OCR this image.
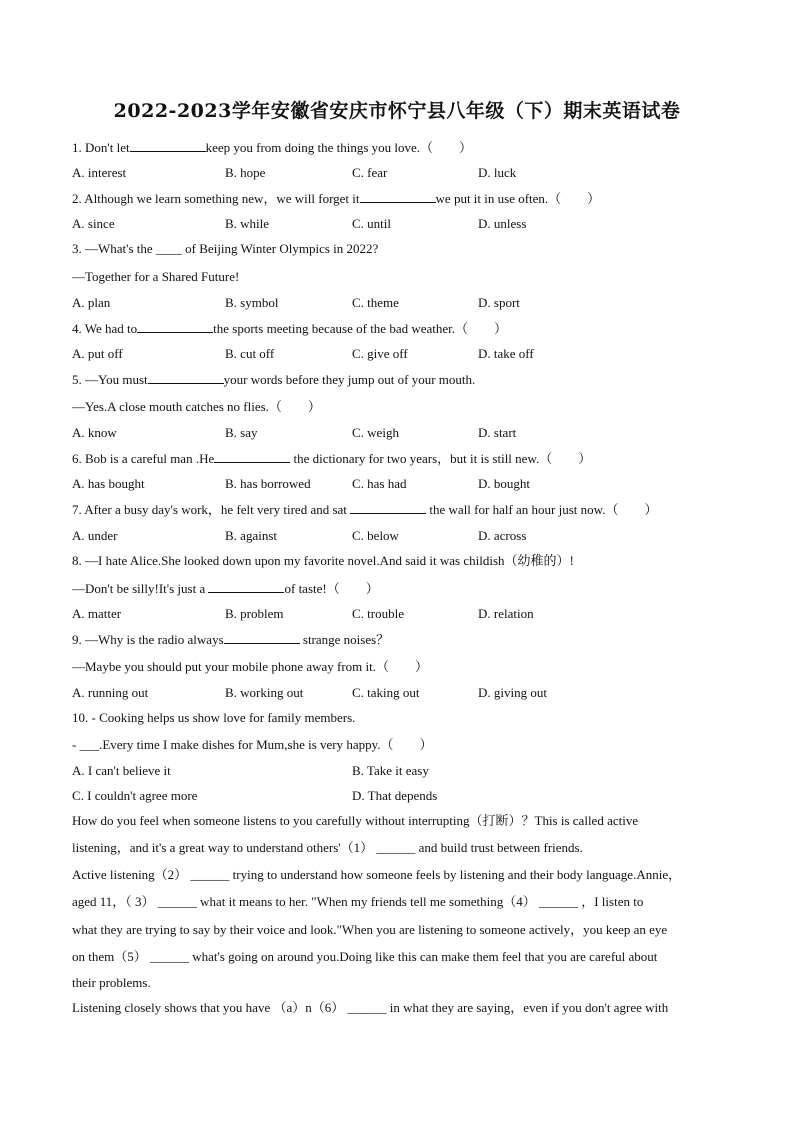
2022-2023学年安徽省安庆市怀宁县八年级（下）期末英语试卷
1. Don't let	keep you from doing the things you love.（　　）
A. interest	B. hope	C. fear	D. luck
2. Although we learn something new，we will forget it	we put it in use often.（　　）
A. since	B. while	C. until	D. unless
3. —What's the ____ of Beijing Winter Olympics in 2022?
—Together for a Shared Future!
A. plan	B. symbol	C. theme	D. sport
4. We had to	the sports meeting because of the bad weather.（　　）
A. put off	B. cut off	C. give off	D. take off
5. —You must	your words before they jump out of your mouth.
—Yes.A close mouth catches no flies.（　　）
A. know	B. say	C. weigh	D. start
6. Bob is a careful man .He	the dictionary for two years，but it is still new.（　　）
A. has bought	B. has borrowed	C. has had	D. bought
7. After a busy day's work，he felt very tired and sat	the wall for half an hour just now.（　　）
A. under	B. against	C. below	D. across
8. —I hate Alice.She looked down upon my favorite novel.And said it was childish（幼稚的）!
—Don't be silly!It's just a	of taste!（　　）
A. matter	B. problem	C. trouble	D. relation
9. —Why is the radio always	strange noises？
—Maybe you should put your mobile phone away from it.（　　）
A. running out	B. working out	C. taking out	D. giving out
10. - Cooking helps us show love for family members.
- ___.Every time I make dishes for Mum,she is very happy.（　　）
A. I can't believe it	B. Take it easy
C. I couldn't agree more	D. That depends
How do you feel when someone listens to you carefully without interrupting（打断）？This is called active
listening，and it's a great way to understand others'（1） ______ and build trust between friends.
Active listening（2） ______ trying to understand how someone feels by listening and their body language.Annie，
aged 11，（ 3） ______ what it means to her. "When my friends tell me something（4） ______ ，I listen to
what they are trying to say by their voice and look."When you are listening to someone actively，you keep an eye
on them（5） ______ what's going on around you.Doing like this can make them feel that you are careful about
their problems.
Listening closely shows that you have （a）n（6） ______ in what they are saying，even if you don't agree with
